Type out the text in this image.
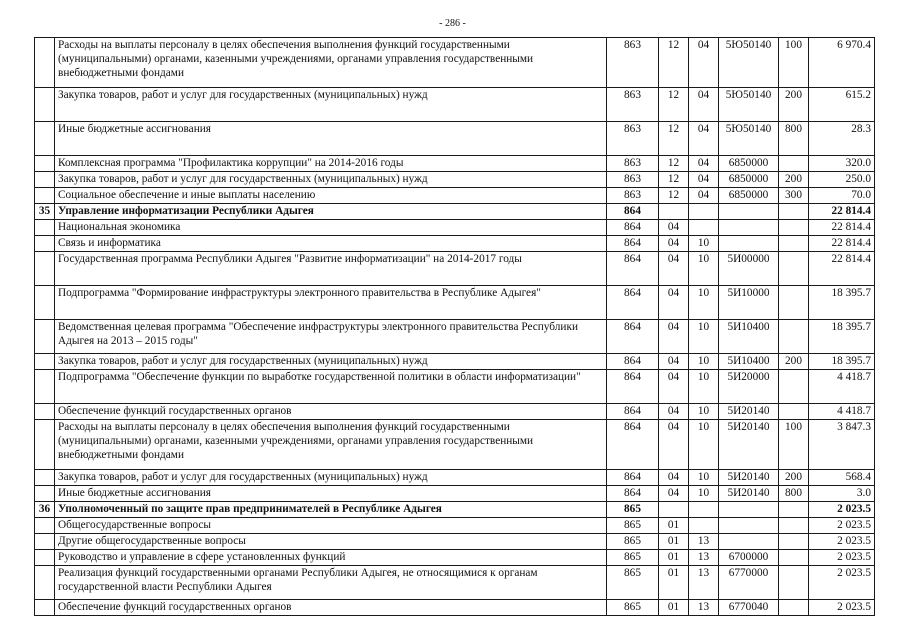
- 286 -
	Расходы на выплаты персоналу в целях обеспечения выполнения функций государственными (муниципальными) органами, казенными учреждениями, органами управления государственными внебюджетными фондами	863	12	04	5Ю50140	100	6 970.4
	Закупка товаров, работ и услуг для государственных (муниципальных) нужд	863	12	04	5Ю50140	200	615.2
	Иные бюджетные ассигнования	863	12	04	5Ю50140	800	28.3
	Комплексная программа "Профилактика коррупции" на 2014-2016 годы	863	12	04	6850000		320.0
	Закупка товаров, работ и услуг для государственных (муниципальных) нужд	863	12	04	6850000	200	250.0
	Социальное обеспечение и иные выплаты населению	863	12	04	6850000	300	70.0
35	Управление информатизации Республики Адыгея	864					22 814.4
	Национальная экономика	864	04				22 814.4
	Связь и информатика	864	04	10			22 814.4
	Государственная программа Республики Адыгея "Развитие информатизации" на 2014-2017 годы	864	04	10	5И00000		22 814.4
	Подпрограмма "Формирование инфраструктуры электронного правительства в Республике Адыгея"	864	04	10	5И10000		18 395.7
	Ведомственная целевая программа "Обеспечение инфраструктуры электронного правительства Республики Адыгея на 2013 – 2015 годы"	864	04	10	5И10400		18 395.7
	Закупка товаров, работ и услуг для государственных (муниципальных) нужд	864	04	10	5И10400	200	18 395.7
	Подпрограмма "Обеспечение функции по выработке государственной политики в области информатизации"	864	04	10	5И20000		4 418.7
	Обеспечение функций государственных органов	864	04	10	5И20140		4 418.7
	Расходы на выплаты персоналу в целях обеспечения выполнения функций государственными (муниципальными) органами, казенными учреждениями, органами управления государственными внебюджетными фондами	864	04	10	5И20140	100	3 847.3
	Закупка товаров, работ и услуг для государственных (муниципальных) нужд	864	04	10	5И20140	200	568.4
	Иные бюджетные ассигнования	864	04	10	5И20140	800	3.0
36	Уполномоченный по защите прав предпринимателей в Республике Адыгея	865					2 023.5
	Общегосударственные вопросы	865	01				2 023.5
	Другие общегосударственные вопросы	865	01	13			2 023.5
	Руководство и управление в сфере установленных функций	865	01	13	6700000		2 023.5
	Реализация функций государственными органами Республики Адыгея, не относящимися к органам государственной власти Республики Адыгея	865	01	13	6770000		2 023.5
	Обеспечение функций государственных органов	865	01	13	6770040		2 023.5
